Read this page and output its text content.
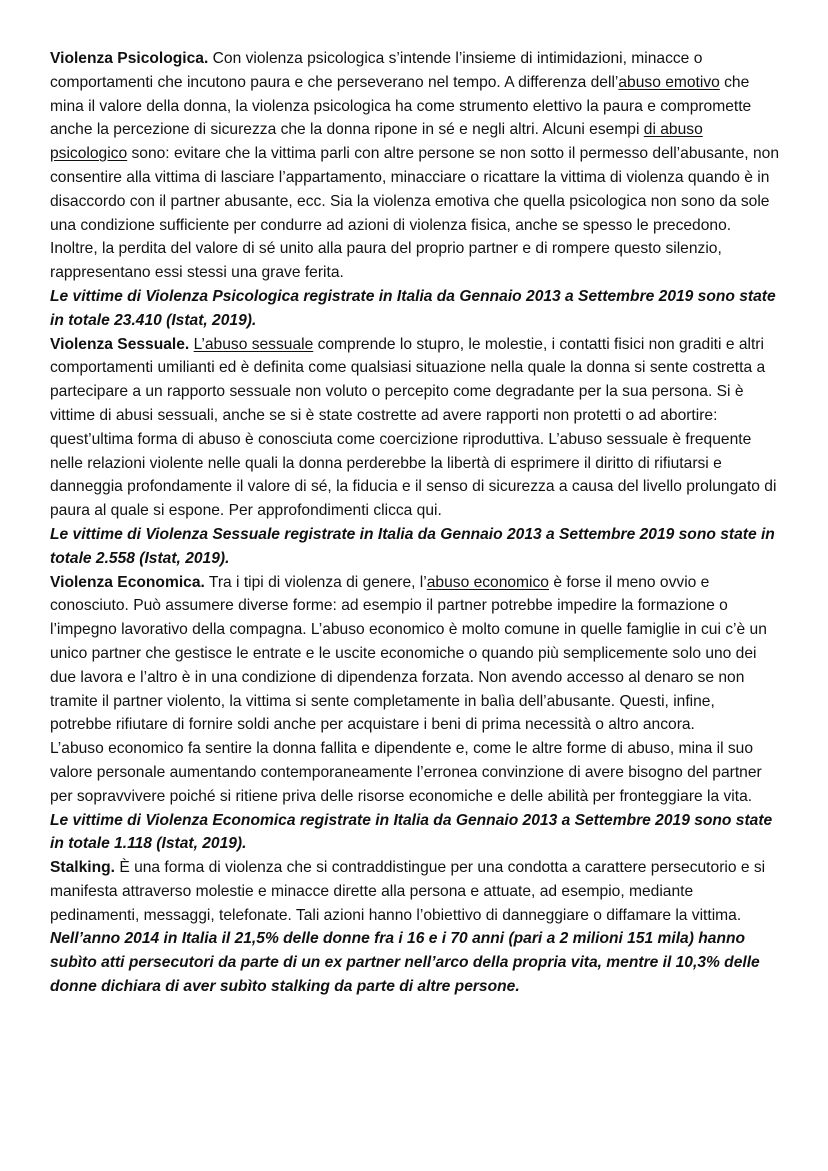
Violenza Psicologica. Con violenza psicologica s’intende l’insieme di intimidazioni, minacce o comportamenti che incutono paura e che perseverano nel tempo. A differenza dell’abuso emotivo che mina il valore della donna, la violenza psicologica ha come strumento elettivo la paura e compromette anche la percezione di sicurezza che la donna ripone in sé e negli altri. Alcuni esempi di abuso psicologico sono: evitare che la vittima parli con altre persone se non sotto il permesso dell’abusante, non consentire alla vittima di lasciare l’appartamento, minacciare o ricattare la vittima di violenza quando è in disaccordo con il partner abusante, ecc. Sia la violenza emotiva che quella psicologica non sono da sole una condizione sufficiente per condurre ad azioni di violenza fisica, anche se spesso le precedono. Inoltre, la perdita del valore di sé unito alla paura del proprio partner e di rompere questo silenzio, rappresentano essi stessi una grave ferita.

Le vittime di Violenza Psicologica registrate in Italia da Gennaio 2013 a Settembre 2019 sono state in totale 23.410 (Istat, 2019).

Violenza Sessuale. L’abuso sessuale comprende lo stupro, le molestie, i contatti fisici non graditi e altri comportamenti umilianti ed è definita come qualsiasi situazione nella quale la donna si sente costretta a partecipare a un rapporto sessuale non voluto o percepito come degradante per la sua persona. Si è vittime di abusi sessuali, anche se si è state costrette ad avere rapporti non protetti o ad abortire: quest’ultima forma di abuso è conosciuta come coercizione riproduttiva. L’abuso sessuale è frequente nelle relazioni violente nelle quali la donna perderebbe la libertà di esprimere il diritto di rifiutarsi e danneggia profondamente il valore di sé, la fiducia e il senso di sicurezza a causa del livello prolungato di paura al quale si espone. Per approfondimenti clicca qui.

Le vittime di Violenza Sessuale registrate in Italia da Gennaio 2013 a Settembre 2019 sono state in totale 2.558 (Istat, 2019).

Violenza Economica. Tra i tipi di violenza di genere, l’abuso economico è forse il meno ovvio e conosciuto. Può assumere diverse forme: ad esempio il partner potrebbe impedire la formazione o l’impegno lavorativo della compagna. L’abuso economico è molto comune in quelle famiglie in cui c’è un unico partner che gestisce le entrate e le uscite economiche o quando più semplicemente solo uno dei due lavora e l’altro è in una condizione di dipendenza forzata. Non avendo accesso al denaro se non tramite il partner violento, la vittima si sente completamente in balìa dell’abusante. Questi, infine, potrebbe rifiutare di fornire soldi anche per acquistare i beni di prima necessità o altro ancora.

L’abuso economico fa sentire la donna fallita e dipendente e, come le altre forme di abuso, mina il suo valore personale aumentando contemporaneamente l’erronea convinzione di avere bisogno del partner per sopravvivere poiché si ritiene priva delle risorse economiche e delle abilità per fronteggiare la vita.

Le vittime di Violenza Economica registrate in Italia da Gennaio 2013 a Settembre 2019 sono state in totale 1.118 (Istat, 2019).

Stalking. È una forma di violenza che si contraddistingue per una condotta a carattere persecutorio e si manifesta attraverso molestie e minacce dirette alla persona e attuate, ad esempio, mediante pedinamenti, messaggi, telefonate. Tali azioni hanno l’obiettivo di danneggiare o diffamare la vittima.

Nell’anno 2014 in Italia il 21,5% delle donne fra i 16 e i 70 anni (pari a 2 milioni 151 mila) hanno subìto atti persecutori da parte di un ex partner nell’arco della propria vita, mentre il 10,3% delle donne dichiara di aver subìto stalking da parte di altre persone.
